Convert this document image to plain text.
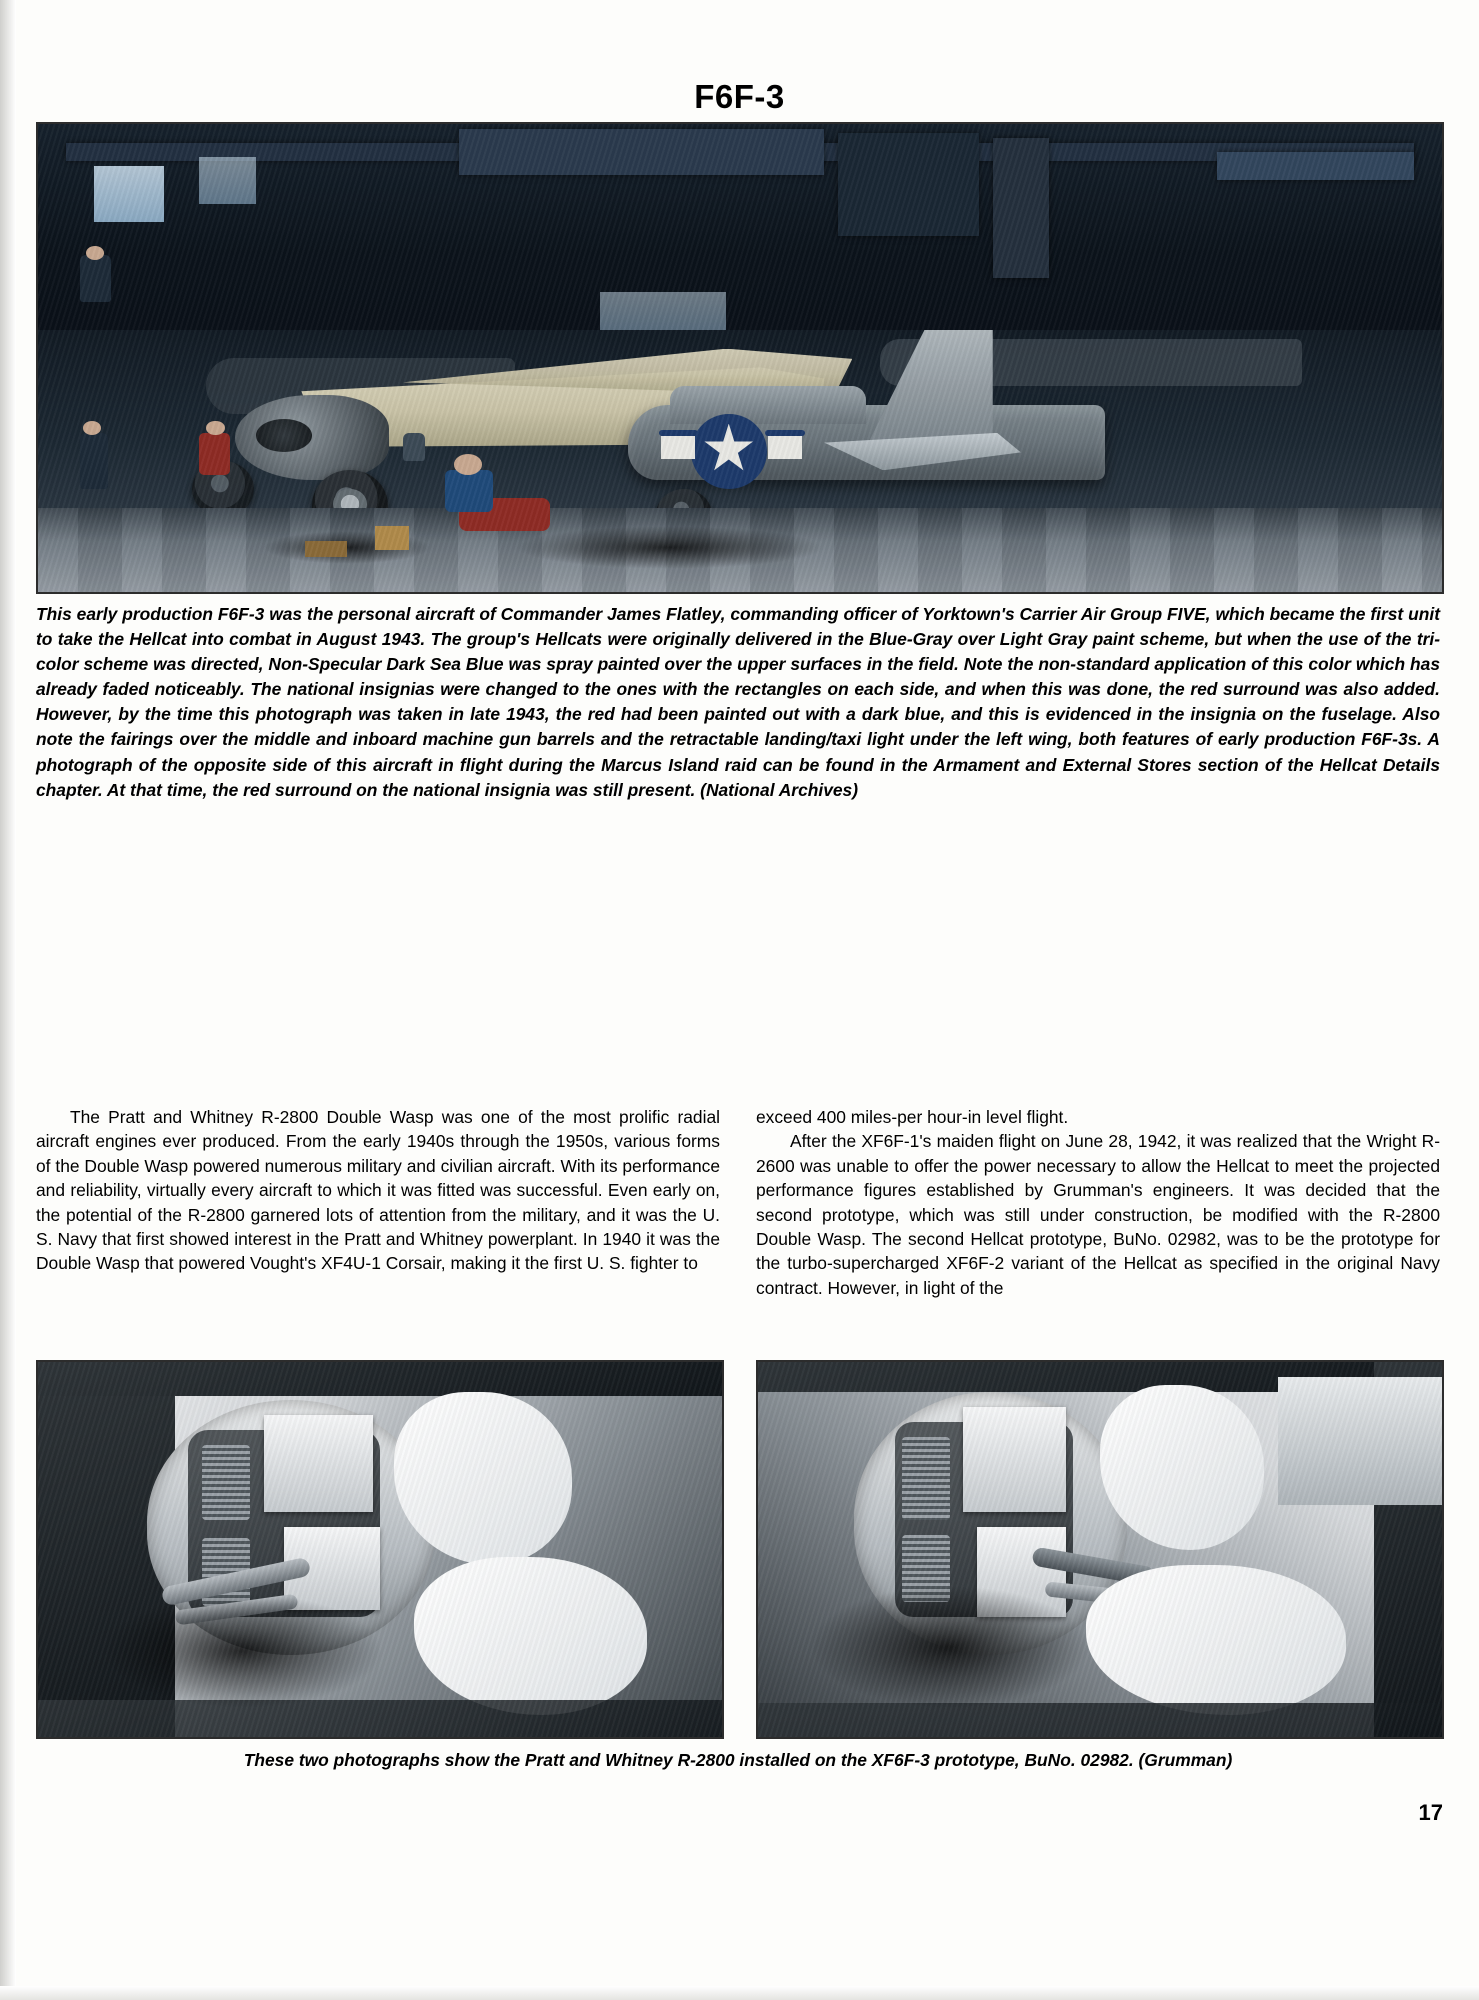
F6F-3
This early production F6F-3 was the personal aircraft of Commander James Flatley, commanding officer of Yorktown's Carrier Air Group FIVE, which became the first unit to take the Hellcat into combat in August 1943. The group's Hellcats were originally delivered in the Blue-Gray over Light Gray paint scheme, but when the use of the tri-color scheme was directed, Non-Specular Dark Sea Blue was spray painted over the upper surfaces in the field. Note the non-standard application of this color which has already faded noticeably. The national insignias were changed to the ones with the rectangles on each side, and when this was done, the red surround was also added. However, by the time this photograph was taken in late 1943, the red had been painted out with a dark blue, and this is evidenced in the insignia on the fuselage. Also note the fairings over the middle and inboard machine gun barrels and the retractable landing/taxi light under the left wing, both features of early production F6F-3s. A photograph of the opposite side of this aircraft in flight during the Marcus Island raid can be found in the Armament and External Stores section of the Hellcat Details chapter. At that time, the red surround on the national insignia was still present. (National Archives)

The Pratt and Whitney R-2800 Double Wasp was one of the most prolific radial aircraft engines ever produced. From the early 1940s through the 1950s, various forms of the Double Wasp powered numerous military and civilian aircraft. With its performance and reliability, virtually every aircraft to which it was fitted was successful. Even early on, the potential of the R-2800 garnered lots of attention from the military, and it was the U. S. Navy that first showed interest in the Pratt and Whitney powerplant. In 1940 it was the Double Wasp that powered Vought's XF4U-1 Corsair, making it the first U. S. fighter to

exceed 400 miles-per hour-in level flight.

After the XF6F-1's maiden flight on June 28, 1942, it was realized that the Wright R-2600 was unable to offer the power necessary to allow the Hellcat to meet the projected performance figures established by Grumman's engineers. It was decided that the second prototype, which was still under construction, be modified with the R-2800 Double Wasp. The second Hellcat prototype, BuNo. 02982, was to be the prototype for the turbo-supercharged XF6F-2 variant of the Hellcat as specified in the original Navy contract. However, in light of the

These two photographs show the Pratt and Whitney R-2800 installed on the XF6F-3 prototype, BuNo. 02982. (Grumman)
17
